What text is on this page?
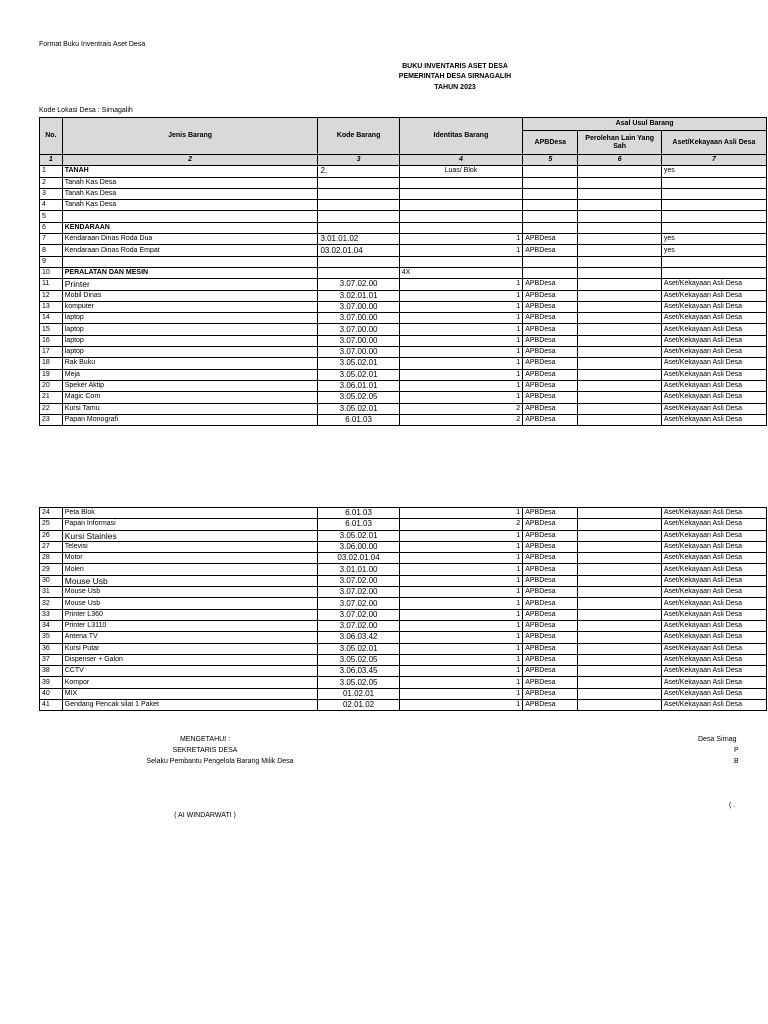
Format Buku Inventrais Aset Desa
BUKU INVENTARIS ASET DESA
PEMERINTAH DESA SIRNAGALIH
TAHUN 2023
Kode Lokasi Desa : Sirnagalih
No.	Jenis Barang	Kode Barang	Identitas Barang	Asal Usul Barang		
				APBDesa	Perolehan Lain Yang Sah	Aset/Kekayaan Asli Desa
1	2	3	4	5	6	7
1	TANAH	2.	Luas/ Blok			yes
2	Tanah Kas Desa					
3	Tanah Kas Desa					
4	Tanah Kas Desa					
5						
6	KENDARAAN					
7	Kendaraan Dinas Roda Dua	3.01.01.02	1	APBDesa		yes
8	Kendaraan Dinas Roda Empat	03.02.01.04	1	APBDesa		yes
9						
10	PERALATAN DAN MESIN		4X			
11	Printer	3.07.02.00	1	APBDesa		Aset/Kekayaan Asli Desa
12	Mobil Dinas	3.02.01.01	1	APBDesa		Aset/Kekayaan Asli Desa
13	komputer	3.07.00.00	1	APBDesa		Aset/Kekayaan Asli Desa
14	laptop	3.07.00.00	1	APBDesa		Aset/Kekayaan Asli Desa
15	laptop	3.07.00.00	1	APBDesa		Aset/Kekayaan Asli Desa
16	laptop	3.07.00.00	1	APBDesa		Aset/Kekayaan Asli Desa
17	laptop	3.07.00.00	1	APBDesa		Aset/Kekayaan Asli Desa
18	Rak Buku	3.05.02.01	1	APBDesa		Aset/Kekayaan Asli Desa
19	Meja	3.05.02.01	1	APBDesa		Aset/Kekayaan Asli Desa
20	Speker Aktip	3.06.01.01	1	APBDesa		Aset/Kekayaan Asli Desa
21	Magic Com	3.05.02.05	1	APBDesa		Aset/Kekayaan Asli Desa
22	Kursi Tamu	3.05.02.01	2	APBDesa		Aset/Kekayaan Asli Desa
23	Papan Monografi	6.01.03	2	APBDesa		Aset/Kekayaan Asli Desa
24	Peta Blok	6.01.03	1	APBDesa		Aset/Kekayaan Asli Desa
25	Papan Informasi	6.01.03	2	APBDesa		Aset/Kekayaan Asli Desa
26	Kursi Stainles	3.05.02.01	1	APBDesa		Aset/Kekayaan Asli Desa
27	Televisi	3.06.00.00	1	APBDesa		Aset/Kekayaan Asli Desa
28	Motor	03.02.01.04	1	APBDesa		Aset/Kekayaan Asli Desa
29	Molen	3.01.01.00	1	APBDesa		Aset/Kekayaan Asli Desa
30	Mouse Usb	3.07.02.00	1	APBDesa		Aset/Kekayaan Asli Desa
31	Mouse Usb	3.07.02.00	1	APBDesa		Aset/Kekayaan Asli Desa
32	Mouse Usb	3.07.02.00	1	APBDesa		Aset/Kekayaan Asli Desa
33	Printer L360	3.07.02.00	1	APBDesa		Aset/Kekayaan Asli Desa
34	Printer L3110	3.07.02.00	1	APBDesa		Aset/Kekayaan Asli Desa
35	Antena TV	3.06.03.42	1	APBDesa		Aset/Kekayaan Asli Desa
36	Kursi Putar	3.05.02.01	1	APBDesa		Aset/Kekayaan Asli Desa
37	Dispenser + Galon	3.05.02.05	1	APBDesa		Aset/Kekayaan Asli Desa
38	CCTV	3.06.03.45	1	APBDesa		Aset/Kekayaan Asli Desa
39	Kompor	3.05.02.05	1	APBDesa		Aset/Kekayaan Asli Desa
40	MIX	01.02.01	1	APBDesa		Aset/Kekayaan Asli Desa
41	Gendang Pencak silat 1 Paket	02.01.02	1	APBDesa		Aset/Kekayaan Asli Desa
MENGETAHUI :
SEKRETARIS DESA
Selaku Pembantu Pengelola Barang Milik Desa
( AI WINDARWATI )
Desa Sirnag
P
B
( .
